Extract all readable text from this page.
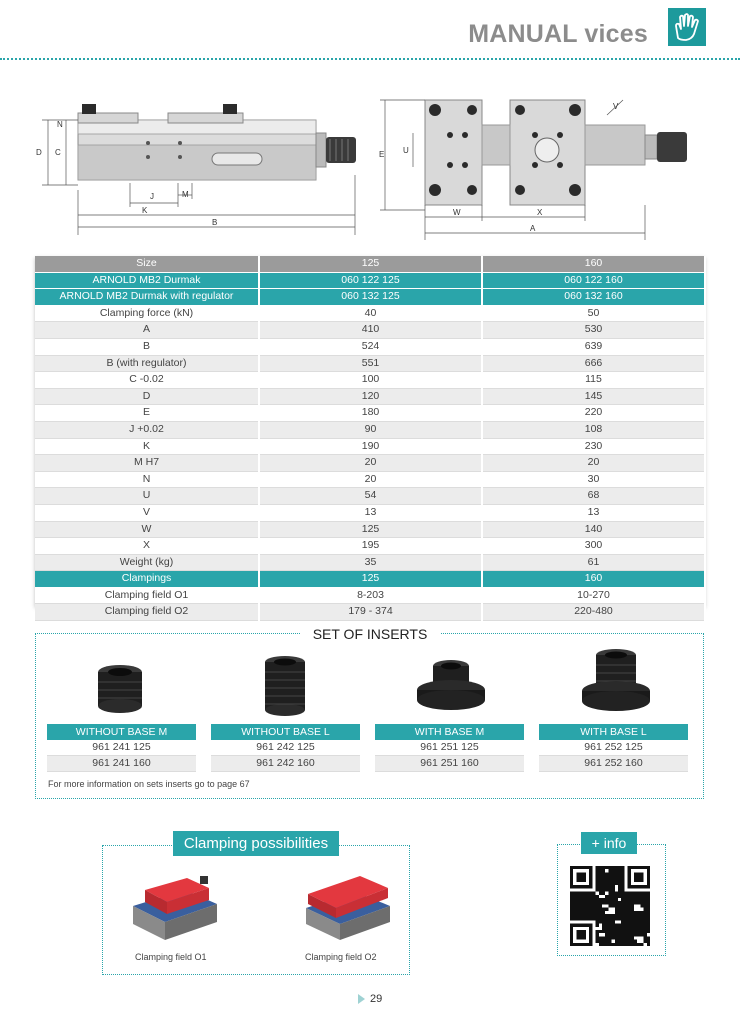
MANUAL vices
D C
N
J	M
K
B
E U
W	X
A
V
Size	125	160
ARNOLD MB2 Durmak	060 122 125	060 122 160
ARNOLD MB2 Durmak with regulator	060 132 125	060 132 160
Clamping force (kN)	40	50
A	410	530
B	524	639
B (with regulator)	551	666
C -0.02	100	115
D	120	145
E	180	220
J +0.02	90	108
K	190	230
M H7	20	20
N	20	30
U	54	68
V	13	13
W	125	140
X	195	300
Weight (kg)	35	61
Clampings	125	160
Clamping field O1	8-203	10-270
Clamping field O2	179 - 374	220-480
SET OF INSERTS
WITHOUT BASE M
961 241 125
961 241 160
WITHOUT BASE L
961 242 125
961 242 160
WITH BASE M
961 251 125
961 251 160
WITH BASE L
961 252 125
961 252 160
For more information on sets inserts go to page 67
Clamping possibilities
Clamping field O1	Clamping field O2
+ info
29
